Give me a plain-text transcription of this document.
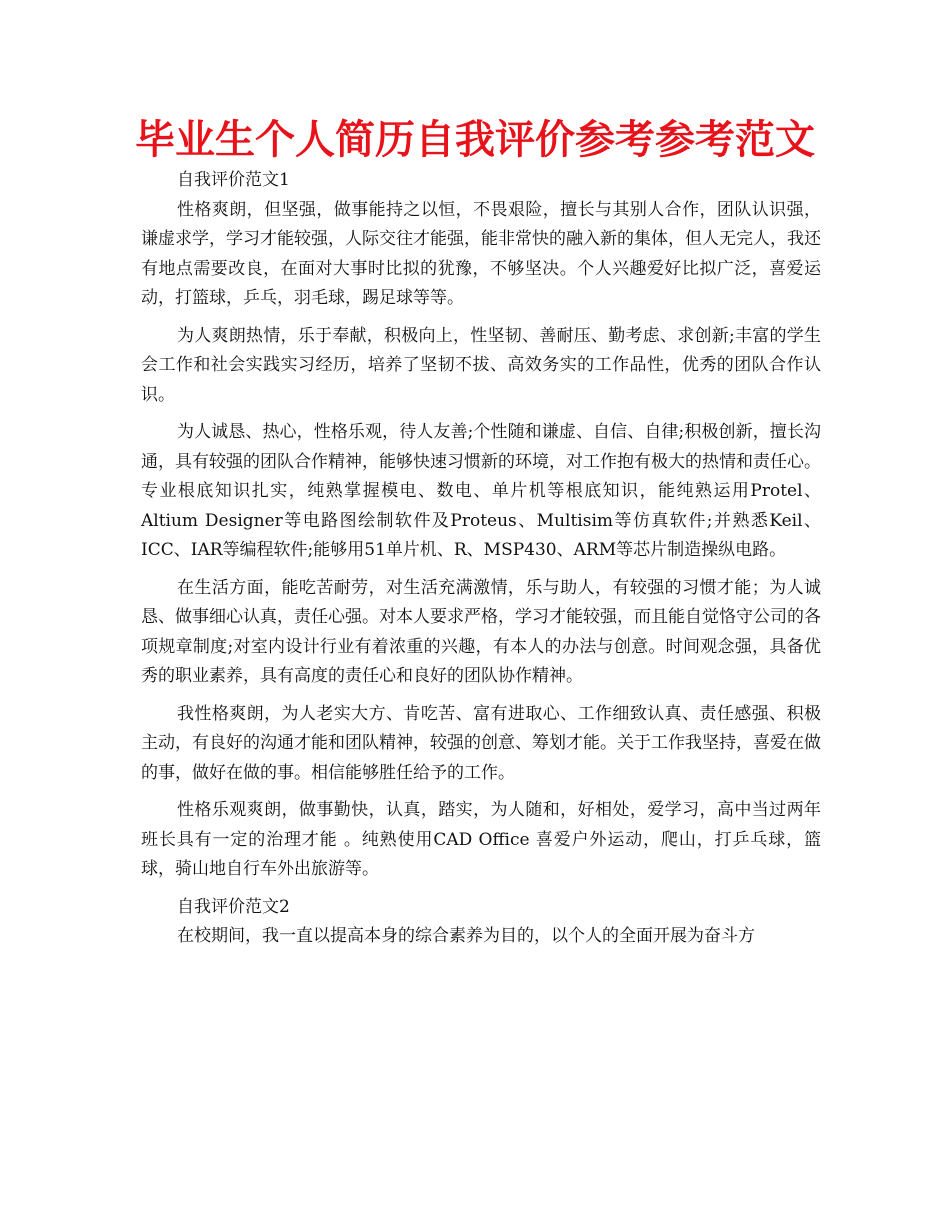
毕业生个人简历自我评价参考参考范文

自我评价范文1

性格爽朗，但坚强，做事能持之以恒，不畏艰险，擅长与其别人合作，团队认识强，谦虚求学，学习才能较强，人际交往才能强，能非常快的融入新的集体，但人无完人，我还有地点需要改良，在面对大事时比拟的犹豫，不够坚决。个人兴趣爱好比拟广泛，喜爱运动，打篮球，乒乓，羽毛球，踢足球等等。

为人爽朗热情，乐于奉献，积极向上，性坚韧、善耐压、勤考虑、求创新;丰富的学生会工作和社会实践实习经历，培养了坚韧不拔、高效务实的工作品性，优秀的团队合作认识。

为人诚恳、热心，性格乐观，待人友善;个性随和谦虚、自信、自律;积极创新，擅长沟通，具有较强的团队合作精神，能够快速习惯新的环境，对工作抱有极大的热情和责任心。专业根底知识扎实，纯熟掌握模电、数电、单片机等根底知识，能纯熟运用Protel、Altium Designer等电路图绘制软件及Proteus、Multisim等仿真软件;并熟悉Keil、ICC、IAR等编程软件;能够用51单片机、R、MSP430、ARM等芯片制造操纵电路。

在生活方面，能吃苦耐劳，对生活充满激情，乐与助人，有较强的习惯才能；为人诚恳、做事细心认真，责任心强。对本人要求严格，学习才能较强，而且能自觉恪守公司的各项规章制度;对室内设计行业有着浓重的兴趣，有本人的办法与创意。时间观念强，具备优秀的职业素养，具有高度的责任心和良好的团队协作精神。

我性格爽朗，为人老实大方、肯吃苦、富有进取心、工作细致认真、责任感强、积极主动，有良好的沟通才能和团队精神，较强的创意、筹划才能。关于工作我坚持，喜爱在做的事，做好在做的事。相信能够胜任给予的工作。

性格乐观爽朗，做事勤快，认真，踏实，为人随和，好相处，爱学习，高中当过两年班长具有一定的治理才能 。纯熟使用CAD Office 喜爱户外运动，爬山，打乒乓球，篮球，骑山地自行车外出旅游等。

自我评价范文2

在校期间，我一直以提高本身的综合素养为目的，以个人的全面开展为奋斗方
